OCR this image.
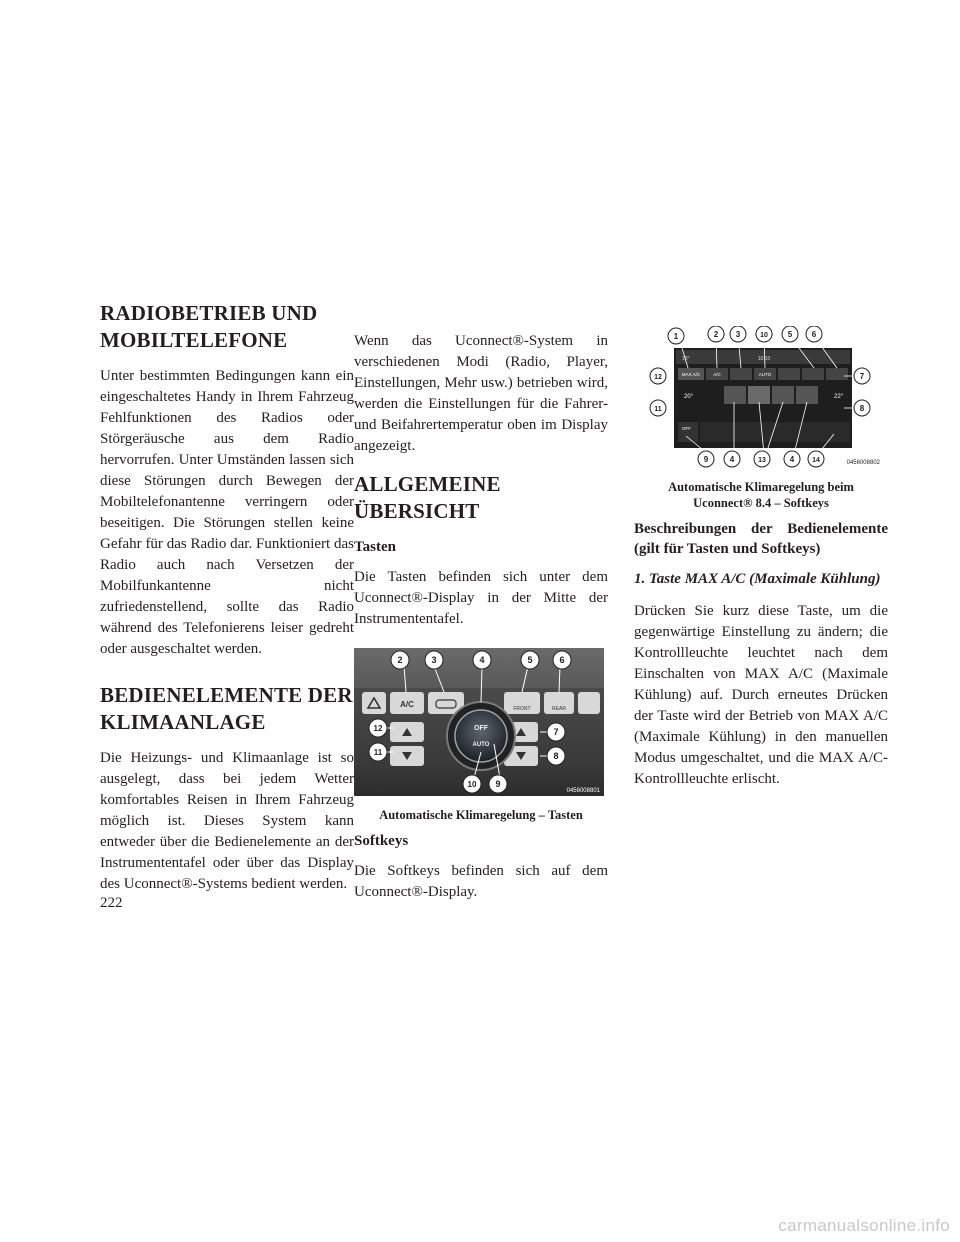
RADIOBETRIEB UND MOBILTELEFONE

Unter bestimmten Bedingungen kann ein eingeschaltetes Handy in Ihrem Fahrzeug Fehlfunktionen des Radios oder Störgeräusche aus dem Radio hervorrufen. Unter Umständen lassen sich diese Störungen durch Bewegen der Mobiltelefonantenne verringern oder beseitigen. Die Störungen stellen keine Gefahr für das Radio dar. Funktioniert das Radio auch nach Versetzen der Mobilfunkantenne nicht zufriedenstellend, sollte das Radio während des Telefonierens leiser gedreht oder ausgeschaltet werden.

BEDIENELEMENTE DER KLIMAANLAGE

Die Heizungs- und Klimaanlage ist so ausgelegt, dass bei jedem Wetter komfortables Reisen in Ihrem Fahrzeug möglich ist. Dieses System kann entweder über die Bedienelemente an der Instrumententafel oder über das Display des Uconnect®-Systems bedient werden.

Wenn das Uconnect®-System in verschiedenen Modi (Radio, Player, Einstellungen, Mehr usw.) betrieben wird, werden die Einstellungen für die Fahrer- und Beifahrertemperatur oben im Display angezeigt.

ALLGEMEINE ÜBERSICHT
Tasten

Die Tasten befinden sich unter dem Uconnect®-Display in der Mitte der Instrumententafel.

A/C	FRONT	REAR
OFF
AUTO
2	3	4	5	6
12	7
11	8
10 9
0456008801
Automatische Klimaregelung – Tasten
Softkeys

Die Softkeys befinden sich auf dem Uconnect®-Display.

18°	10:10
MAX A/C	A/C	AUTO
20°	22°
OFF
1	2 3	10 5 6
12	7
11	8
9	4	13	4	14	0456008802
Automatische Klimaregelung beim
Uconnect® 8.4 – Softkeys
Beschreibungen der Bedienelemente (gilt für Tasten und Softkeys)
1. Taste MAX A/C (Maximale Kühlung)

Drücken Sie kurz diese Taste, um die gegenwärtige Einstellung zu ändern; die Kontrollleuchte leuchtet nach dem Einschalten von MAX A/C (Maximale Kühlung) auf. Durch erneutes Drücken der Taste wird der Betrieb von MAX A/C (Maximale Kühlung) in den manuellen Modus umgeschaltet, und die MAX A/C-Kontrollleuchte erlischt.

222
carmanualsonline.info
